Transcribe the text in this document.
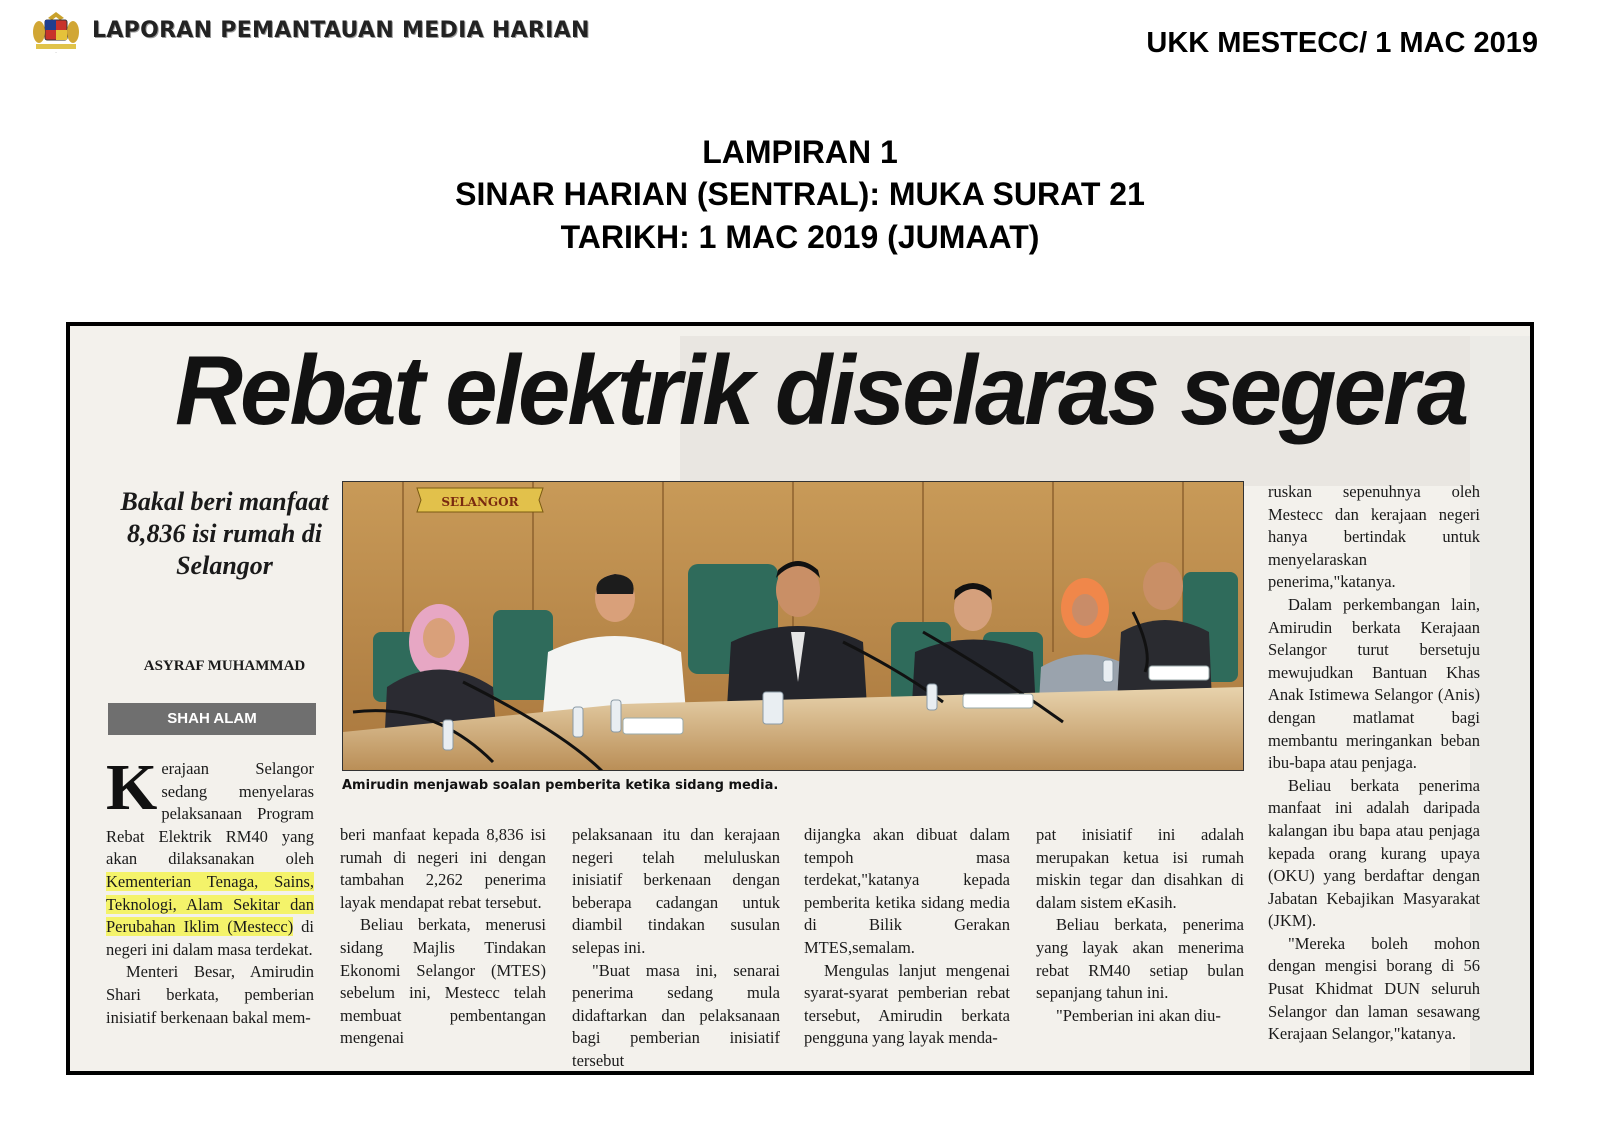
.
LAPORAN PEMANTAUAN MEDIA HARIAN	UKK MESTECC/ 1 MAC 2019
LAMPIRAN 1
SINAR HARIAN (SENTRAL): MUKA SURAT 21
TARIKH: 1 MAC 2019 (JUMAAT)
Rebat elektrik diselaras segera
Bakal beri manfaat 8,836 isi rumah di Selangor
ASYRAF MUHAMMAD
SHAH ALAM
SELANGOR
Amirudin menjawab soalan pemberita ketika sidang media.

Kerajaan Selangor sedang menyelaras pelaksanaan Program Rebat Elektrik RM40 yang akan dilaksanakan oleh Kementerian Tenaga, Sains, Teknologi, Alam Sekitar dan Perubahan Iklim (Mestecc) di negeri ini dalam masa terdekat.

Menteri Besar, Amirudin Shari berkata, pemberian inisiatif berkenaan bakal mem-

beri manfaat kepada 8,836 isi rumah di negeri ini dengan tambahan 2,262 penerima layak mendapat rebat tersebut.

Beliau berkata, menerusi sidang Majlis Tindakan Ekonomi Selangor (MTES) sebelum ini, Mestecc telah membuat pembentangan mengenai

pelaksanaan itu dan kerajaan negeri telah meluluskan inisiatif berkenaan dengan beberapa cadangan untuk diambil tindakan susulan selepas ini.

"Buat masa ini, senarai penerima sedang mula didaftarkan dan pelaksanaan bagi pemberian inisiatif tersebut

dijangka akan dibuat dalam tempoh masa terdekat,"katanya kepada pemberita ketika sidang media di Bilik Gerakan MTES,semalam.

Mengulas lanjut mengenai syarat-syarat pemberian rebat tersebut, Amirudin berkata pengguna yang layak menda-

pat inisiatif ini adalah merupakan ketua isi rumah miskin tegar dan disahkan di dalam sistem eKasih.

Beliau berkata, penerima yang layak akan menerima rebat RM40 setiap bulan sepanjang tahun ini.

"Pemberian ini akan diu-

ruskan sepenuhnya oleh Mestecc dan kerajaan negeri hanya bertindak untuk menyelaraskan penerima,"katanya.

Dalam perkembangan lain, Amirudin berkata Kerajaan Selangor turut bersetuju mewujudkan Bantuan Khas Anak Istimewa Selangor (Anis) dengan matlamat bagi membantu meringankan beban ibu-bapa atau penjaga.

Beliau berkata penerima manfaat ini adalah daripada kalangan ibu bapa atau penjaga kepada orang kurang upaya (OKU) yang berdaftar dengan Jabatan Kebajikan Masyarakat (JKM).

"Mereka boleh mohon dengan mengisi borang di 56 Pusat Khidmat DUN seluruh Selangor dan laman sesawang Kerajaan Selangor,"katanya.
